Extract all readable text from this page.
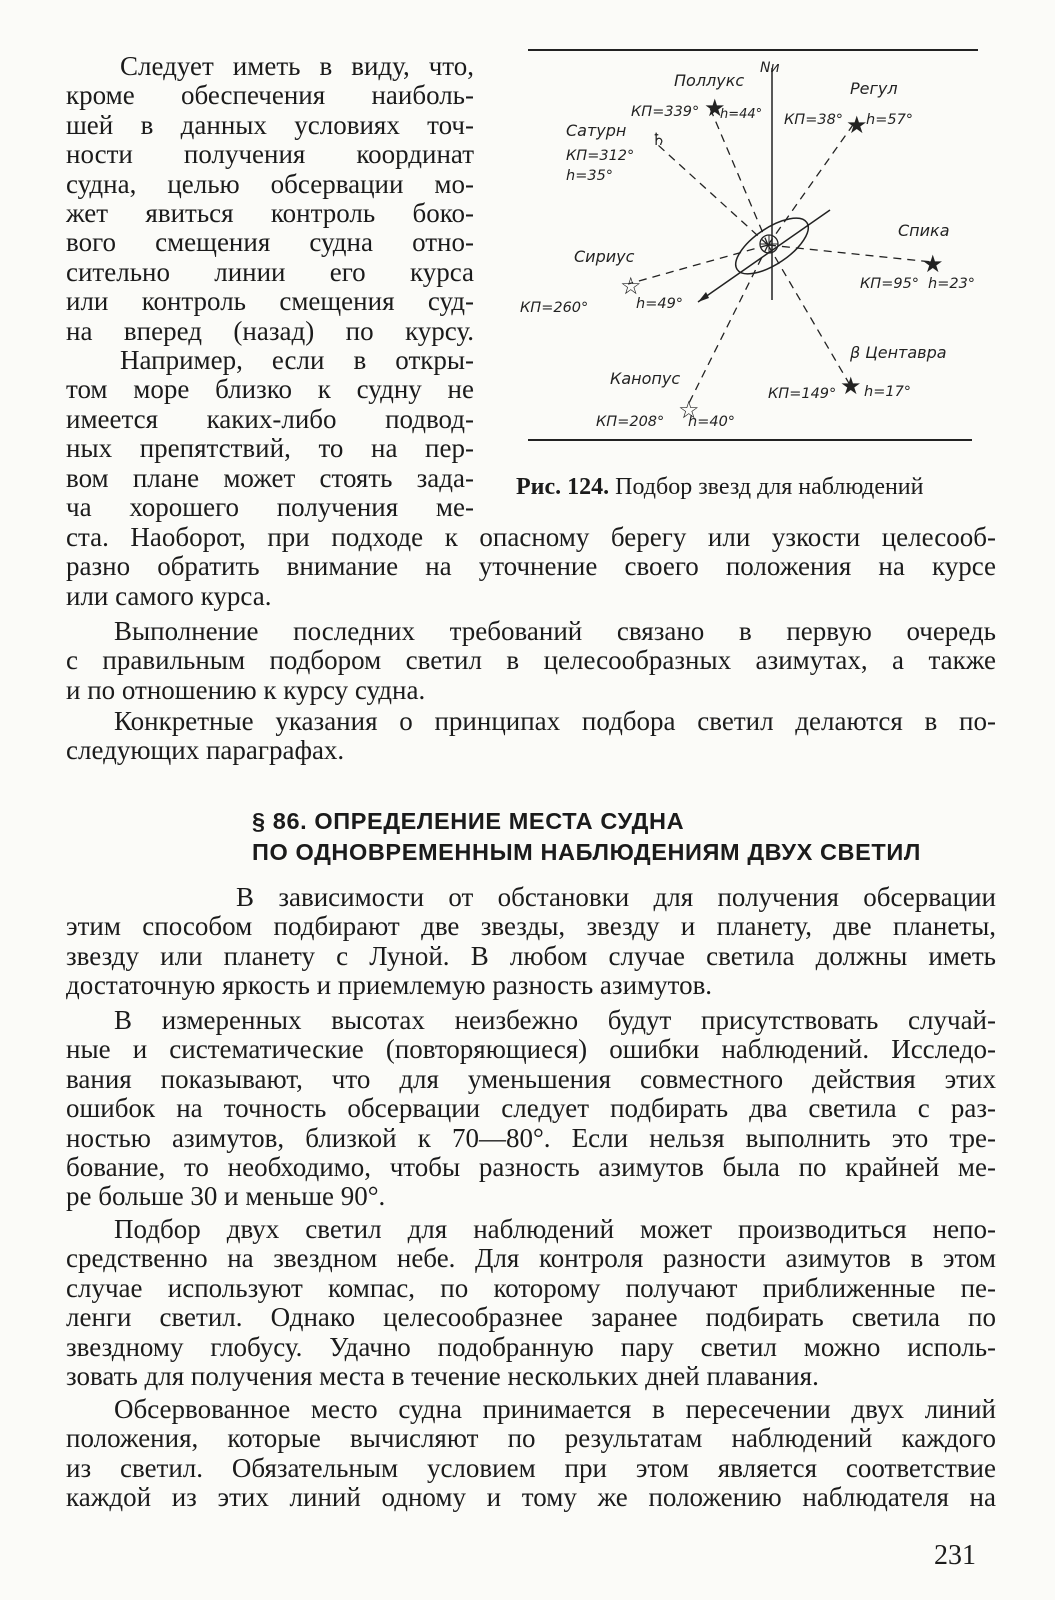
Следует иметь в виду, что,
кроме обеспечения наиболь-
шей в данных условиях точ-
ности получения координат
судна, целью обсервации мо-
жет явиться контроль боко-
вого смещения судна отно-
сительно линии его курса
или контроль смещения суд-
на вперед (назад) по курсу.
Например, если в откры-
том море близко к судну не
имеется каких-либо подвод-
ных препятствий, то на пер-
вом плане может стоять зада-
ча хорошего получения ме-
Nи
★
★
♄
★
☆
★
☆
Поллукс
КП=339° h=44°
Регул
КП=38° h=57°
Сатурн
КП=312°
h=35°
Спика
КП=95° h=23°
Сириус
КП=260°	h=49°
β Центавра
КП=149° h=17°
Канопус
КП=208° h=40°
Рис. 124. Подбор звезд для наблюдений
ста. Наоборот, при подходе к опасному берегу или узкости целесооб-
разно обратить внимание на уточнение своего положения на курсе
или самого курса.
Выполнение последних требований связано в первую очередь
с правильным подбором светил в целесообразных азимутах, а также
и по отношению к курсу судна.
Конкретные указания о принципах подбора светил делаются в по-
следующих параграфах.
§ 86. ОПРЕДЕЛЕНИЕ МЕСТА СУДНА
ПО ОДНОВРЕМЕННЫМ НАБЛЮДЕНИЯМ ДВУХ СВЕТИЛ
В зависимости от обстановки для получения обсервации
этим способом подбирают две звезды, звезду и планету, две планеты,
звезду или планету с Луной. В любом случае светила должны иметь
достаточную яркость и приемлемую разность азимутов.
В измеренных высотах неизбежно будут присутствовать случай-
ные и систематические (повторяющиеся) ошибки наблюдений. Исследо-
вания показывают, что для уменьшения совместного действия этих
ошибок на точность обсервации следует подбирать два светила с раз-
ностью азимутов, близкой к 70—80°. Если нельзя выполнить это тре-
бование, то необходимо, чтобы разность азимутов была по крайней ме-
ре больше 30 и меньше 90°.
Подбор двух светил для наблюдений может производиться непо-
средственно на звездном небе. Для контроля разности азимутов в этом
случае используют компас, по которому получают приближенные пе-
ленги светил. Однако целесообразнее заранее подбирать светила по
звездному глобусу. Удачно подобранную пару светил можно исполь-
зовать для получения места в течение нескольких дней плавания.
Обсервованное место судна принимается в пересечении двух линий
положения, которые вычисляют по результатам наблюдений каждого
из светил. Обязательным условием при этом является соответствие
каждой из этих линий одному и тому же положению наблюдателя на
231
